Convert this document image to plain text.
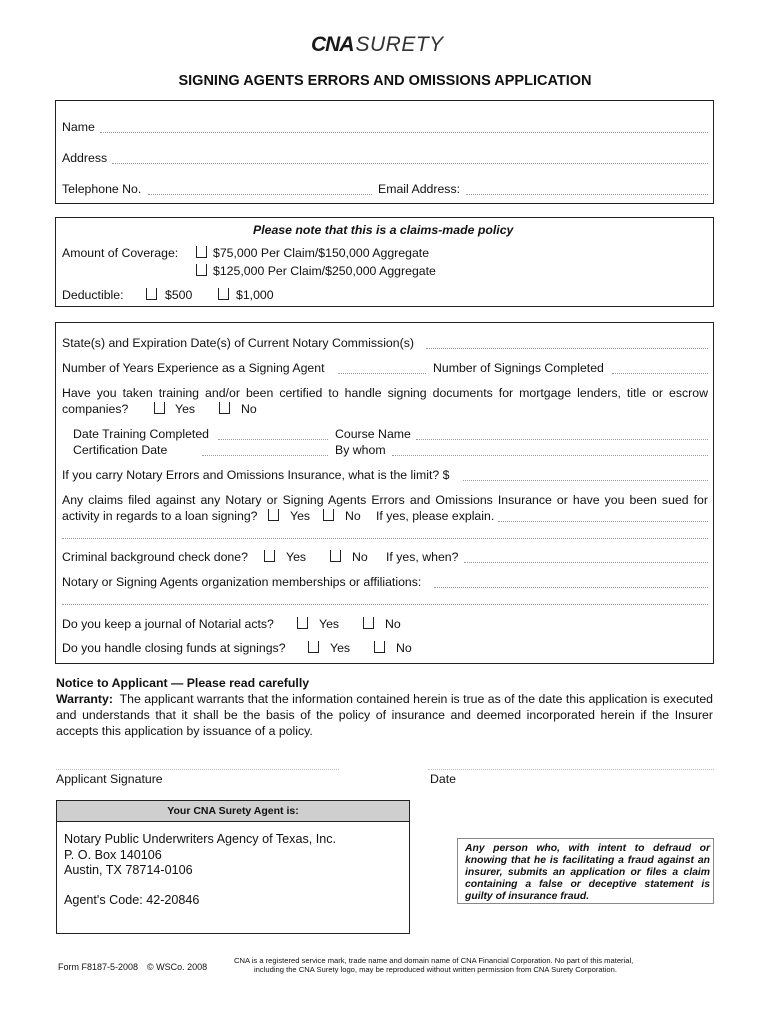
CNASURETY
SIGNING AGENTS ERRORS AND OMISSIONS APPLICATION
Name
Address
Telephone No.	Email Address:
Please note that this is a claims-made policy
Amount of Coverage:	$75,000 Per Claim/$150,000 Aggregate
$125,000 Per Claim/$250,000 Aggregate
Deductible:	$500	$1,000
State(s) and Expiration Date(s) of Current Notary Commission(s)
Number of Years Experience as a Signing Agent	Number of Signings Completed
Have you taken training and/or been certified to handle signing documents for mortgage lenders, title or escrow
companies?	Yes	No
Date Training Completed	Course Name
Certification Date	By whom
If you carry Notary Errors and Omissions Insurance, what is the limit? $
Any claims filed against any Notary or Signing Agents Errors and Omissions Insurance or have you been sued for
activity in regards to a loan signing?	Yes	No If yes, please explain.
Criminal background check done?	Yes	No If yes, when?
Notary or Signing Agents organization memberships or affiliations:
Do you keep a journal of Notarial acts?	Yes	No
Do you handle closing funds at signings?	Yes	No
Notice to Applicant — Please read carefully
Warranty: The applicant warrants that the information contained herein is true as of the date this application is executed and understands that it shall be the basis of the policy of insurance and deemed incorporated herein if the Insurer accepts this application by issuance of a policy.
Applicant Signature	Date
Your CNA Surety Agent is:
Notary Public Underwriters Agency of Texas, Inc.
P. O. Box 140106
Austin, TX 78714-0106
Agent's Code: 42-20846
Any person who, with intent to defraud or knowing that he is facilitating a fraud against an insurer, submits an application or files a claim containing a false or deceptive statement is guilty of insurance fraud.
Form F8187-5-2008 © WSCo. 2008
CNA is a registered service mark, trade name and domain name of CNA Financial Corporation. No part of this material,
including the CNA Surety logo, may be reproduced without written permission from CNA Surety Corporation.
